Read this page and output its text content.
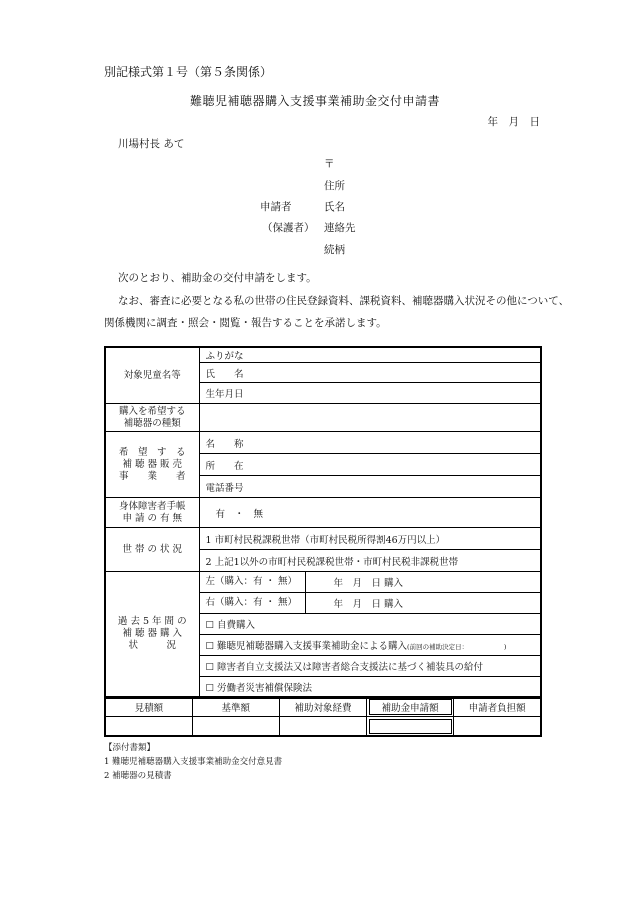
別記様式第１号（第５条関係）
難聴児補聴器購入支援事業補助金交付申請書
年　月　日
川場村長 あて
〒
住所
申請者	氏名
（保護者） 連絡先
続柄
次のとおり、補助金の交付申請をします。
なお、審査に必要となる私の世帯の住民登録資料、課税資料、補聴器購入状況その他について、
関係機関に調査・照会・閲覧・報告することを承諾します。
対象児童名等	ふりがな
	氏　　名
	生年月日
購入を希望する
補聴器の種類	
希　望　す　る
補 聴 器 販 売
事　　業　　者	名　　称
	所　　在
	電話番号
身体障害者手帳
申 請 の 有 無	有　・　無
世 帯 の 状 況	1 市町村民税課税世帯（市町村民税所得割46万円以上）
	2 上記1以外の市町村民税課税世帯・市町村民税非課税世帯
過 去 5 年 間 の
補 聴 器 購 入
状　　　況	左（購入：有 ・ 無） 年　月　日 購入

	右（購入：有 ・ 無） 年　月　日 購入

	☐ 自費購入
	☐ 難聴児補聴器購入支援事業補助金による購入(前回の補助決定日：　　　　　　)
	☐ 障害者自立支援法又は障害者総合支援法に基づく補装具の給付
	☐ 労働者災害補償保険法
見積額	基準額	補助対象経費	補助金申請額	申請者負担額

【添付書類】
1 難聴児補聴器購入支援事業補助金交付意見書
2 補聴器の見積書
